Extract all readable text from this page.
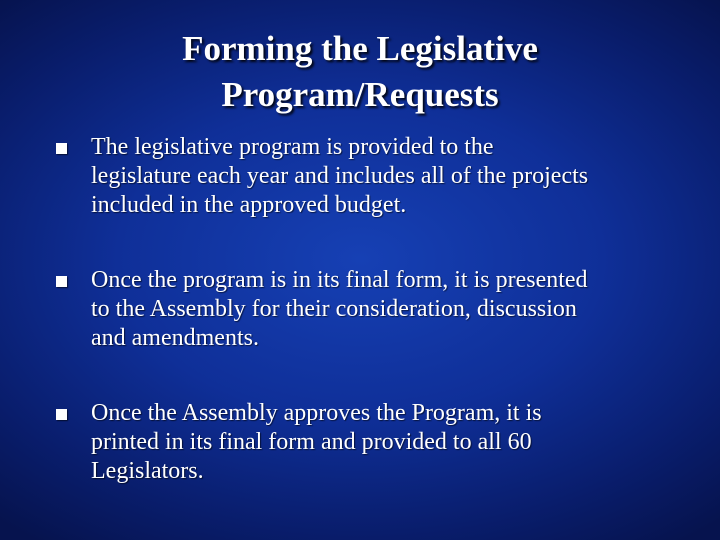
Forming the Legislative
Program/Requests
The legislative program is provided to the
legislature each year and includes all of the projects
included in the approved budget.
Once the program is in its final form, it is presented
to the Assembly for their consideration, discussion
and amendments.
Once the Assembly approves the Program, it is
printed in its final form and provided to all 60
Legislators.
